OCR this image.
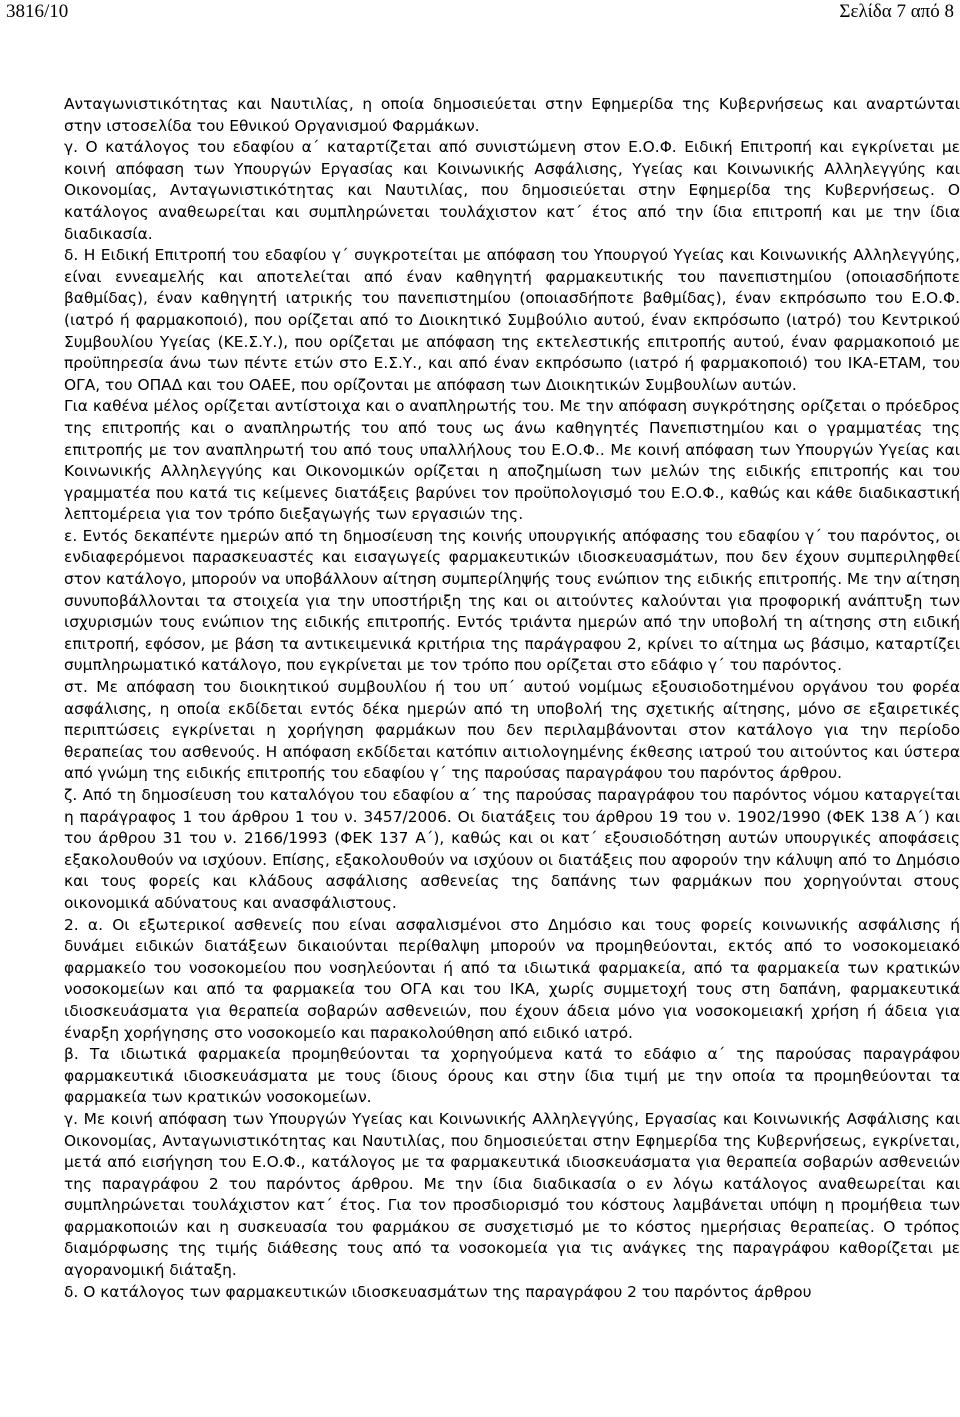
3816/10	Σελίδα 7 από 8

Ανταγωνιστικότητας και Ναυτιλίας, η οποία δημοσιεύεται στην Εφημερίδα της Κυβερνήσεως και αναρτώνται στην ιστοσελίδα του Εθνικού Οργανισμού Φαρμάκων.

γ. Ο κατάλογος του εδαφίου α΄ καταρτίζεται από συνιστώμενη στον Ε.Ο.Φ. Ειδική Επιτροπή και εγκρίνεται με κοινή απόφαση των Υπουργών Εργασίας και Κοινωνικής Ασφάλισης, Υγείας και Κοινωνικής Αλληλεγγύης και Οικονομίας, Ανταγωνιστικότητας και Ναυτιλίας, που δημοσιεύεται στην Εφημερίδα της Κυβερνήσεως. Ο κατάλογος αναθεωρείται και συμπληρώνεται τουλάχιστον κατ΄ έτος από την ίδια επιτροπή και με την ίδια διαδικασία.

δ. Η Ειδική Επιτροπή του εδαφίου γ΄ συγκροτείται με απόφαση του Υπουργού Υγείας και Κοινωνικής Αλληλεγγύης, είναι εννεαμελής και αποτελείται από έναν καθηγητή φαρμακευτικής του πανεπιστημίου (οποιασδήποτε βαθμίδας), έναν καθηγητή ιατρικής του πανεπιστημίου (οποιασδήποτε βαθμίδας), έναν εκπρόσωπο του Ε.Ο.Φ. (ιατρό ή φαρμακοποιό), που ορίζεται από το Διοικητικό Συμβούλιο αυτού, έναν εκπρόσωπο (ιατρό) του Κεντρικού Συμβουλίου Υγείας (ΚΕ.Σ.Υ.), που ορίζεται με απόφαση της εκτελεστικής επιτροπής αυτού, έναν φαρμακοποιό με προϋπηρεσία άνω των πέντε ετών στο Ε.Σ.Υ., και από έναν εκπρόσωπο (ιατρό ή φαρμακοποιό) του ΙΚΑ-ΕΤΑΜ, του ΟΓΑ, του ΟΠΑΔ και του ΟΑΕΕ, που ορίζονται με απόφαση των Διοικητικών Συμβουλίων αυτών.

Για καθένα μέλος ορίζεται αντίστοιχα και ο αναπληρωτής του. Με την απόφαση συγκρότησης ορίζεται ο πρόεδρος της επιτροπής και ο αναπληρωτής του από τους ως άνω καθηγητές Πανεπιστημίου και ο γραμματέας της επιτροπής με τον αναπληρωτή του από τους υπαλλήλους του Ε.Ο.Φ.. Με κοινή απόφαση των Υπουργών Υγείας και Κοινωνικής Αλληλεγγύης και Οικονομικών ορίζεται η αποζημίωση των μελών της ειδικής επιτροπής και του γραμματέα που κατά τις κείμενες διατάξεις βαρύνει τον προϋπολογισμό του Ε.Ο.Φ., καθώς και κάθε διαδικαστική λεπτομέρεια για τον τρόπο διεξαγωγής των εργασιών της.

ε. Εντός δεκαπέντε ημερών από τη δημοσίευση της κοινής υπουργικής απόφασης του εδαφίου γ΄ του παρόντος, οι ενδιαφερόμενοι παρασκευαστές και εισαγωγείς φαρμακευτικών ιδιοσκευασμάτων, που δεν έχουν συμπεριληφθεί στον κατάλογο, μπορούν να υποβάλλουν αίτηση συμπερίληψής τους ενώπιον της ειδικής επιτροπής. Με την αίτηση συνυποβάλλονται τα στοιχεία για την υποστήριξη της και οι αιτούντες καλούνται για προφορική ανάπτυξη των ισχυρισμών τους ενώπιον της ειδικής επιτροπής. Εντός τριάντα ημερών από την υποβολή τη αίτησης στη ειδική επιτροπή, εφόσον, με βάση τα αντικειμενικά κριτήρια της παράγραφου 2, κρίνει το αίτημα ως βάσιμο, καταρτίζει συμπληρωματικό κατάλογο, που εγκρίνεται με τον τρόπο που ορίζεται στο εδάφιο γ΄ του παρόντος.

στ. Με απόφαση του διοικητικού συμβουλίου ή του υπ΄ αυτού νομίμως εξουσιοδοτημένου οργάνου του φορέα ασφάλισης, η οποία εκδίδεται εντός δέκα ημερών από τη υποβολή της σχετικής αίτησης, μόνο σε εξαιρετικές περιπτώσεις εγκρίνεται η χορήγηση φαρμάκων που δεν περιλαμβάνονται στον κατάλογο για την περίοδο θεραπείας του ασθενούς. Η απόφαση εκδίδεται κατόπιν αιτιολογημένης έκθεσης ιατρού του αιτούντος και ύστερα από γνώμη της ειδικής επιτροπής του εδαφίου γ΄ της παρούσας παραγράφου του παρόντος άρθρου.

ζ. Από τη δημοσίευση του καταλόγου του εδαφίου α΄ της παρούσας παραγράφου του παρόντος νόμου καταργείται η παράγραφος 1 του άρθρου 1 του ν. 3457/2006. Οι διατάξεις του άρθρου 19 του ν. 1902/1990 (ΦΕΚ 138 Α΄) και του άρθρου 31 του ν. 2166/1993 (ΦΕΚ 137 Α΄), καθώς και οι κατ΄ εξουσιοδότηση αυτών υπουργικές αποφάσεις εξακολουθούν να ισχύουν. Επίσης, εξακολουθούν να ισχύουν οι διατάξεις που αφορούν την κάλυψη από το Δημόσιο και τους φορείς και κλάδους ασφάλισης ασθενείας της δαπάνης των φαρμάκων που χορηγούνται στους οικονομικά αδύνατους και ανασφάλιστους.

2. α. Οι εξωτερικοί ασθενείς που είναι ασφαλισμένοι στο Δημόσιο και τους φορείς κοινωνικής ασφάλισης ή δυνάμει ειδικών διατάξεων δικαιούνται περίθαλψη μπορούν να προμηθεύονται, εκτός από το νοσοκομειακό φαρμακείο του νοσοκομείου που νοσηλεύονται ή από τα ιδιωτικά φαρμακεία, από τα φαρμακεία των κρατικών νοσοκομείων και από τα φαρμακεία του ΟΓΑ και του ΙΚΑ, χωρίς συμμετοχή τους στη δαπάνη, φαρμακευτικά ιδιοσκευάσματα για θεραπεία σοβαρών ασθενειών, που έχουν άδεια μόνο για νοσοκομειακή χρήση ή άδεια για έναρξη χορήγησης στο νοσοκομείο και παρακολούθηση από ειδικό ιατρό.

β. Τα ιδιωτικά φαρμακεία προμηθεύονται τα χορηγούμενα κατά το εδάφιο α΄ της παρούσας παραγράφου φαρμακευτικά ιδιοσκευάσματα με τους ίδιους όρους και στην ίδια τιμή με την οποία τα προμηθεύονται τα φαρμακεία των κρατικών νοσοκομείων.

γ. Με κοινή απόφαση των Υπουργών Υγείας και Κοινωνικής Αλληλεγγύης, Εργασίας και Κοινωνικής Ασφάλισης και Οικονομίας, Ανταγωνιστικότητας και Ναυτιλίας, που δημοσιεύεται στην Εφημερίδα της Κυβερνήσεως, εγκρίνεται, μετά από εισήγηση του Ε.Ο.Φ., κατάλογος με τα φαρμακευτικά ιδιοσκευάσματα για θεραπεία σοβαρών ασθενειών της παραγράφου 2 του παρόντος άρθρου. Με την ίδια διαδικασία ο εν λόγω κατάλογος αναθεωρείται και συμπληρώνεται τουλάχιστον κατ΄ έτος. Για τον προσδιορισμό του κόστους λαμβάνεται υπόψη η προμήθεια των φαρμακοποιών και η συσκευασία του φαρμάκου σε συσχετισμό με το κόστος ημερήσιας θεραπείας. Ο τρόπος διαμόρφωσης της τιμής διάθεσης τους από τα νοσοκομεία για τις ανάγκες της παραγράφου καθορίζεται με αγορανομική διάταξη.

δ. Ο κατάλογος των φαρμακευτικών ιδιοσκευασμάτων της παραγράφου 2 του παρόντος άρθρου
